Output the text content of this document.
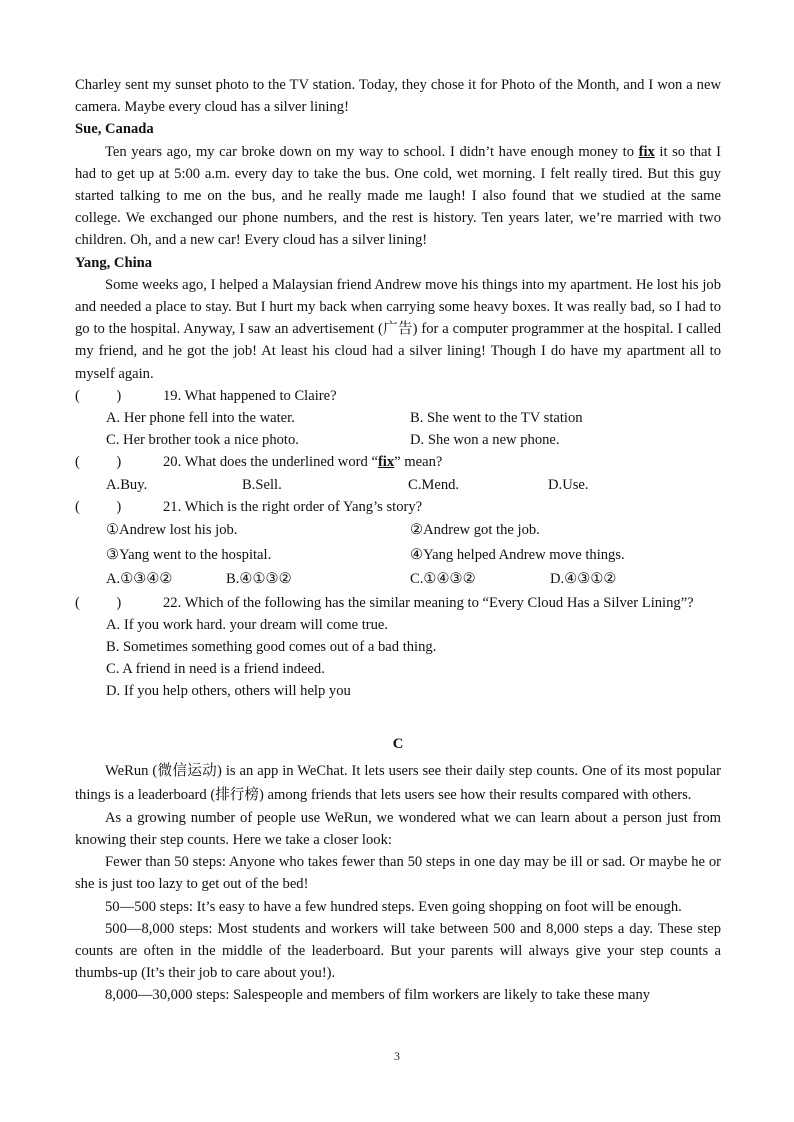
Charley sent my sunset photo to the TV station. Today, they chose it for Photo of the Month, and I won a new camera. Maybe every cloud has a silver lining!

Sue, Canada

Ten years ago, my car broke down on my way to school. I didn’t have enough money to fix it so that I had to get up at 5:00 a.m. every day to take the bus. One cold, wet morning. I felt really tired. But this guy started talking to me on the bus, and he really made me laugh! I also found that we studied at the same college. We exchanged our phone numbers, and the rest is history. Ten years later, we’re married with two children. Oh, and a new car! Every cloud has a silver lining!

Yang, China

Some weeks ago, I helped a Malaysian friend Andrew move his things into my apartment. He lost his job and needed a place to stay. But I hurt my back when carrying some heavy boxes. It was really bad, so I had to go to the hospital. Anyway, I saw an advertisement (广告) for a computer programmer at the hospital. I called my friend, and he got the job! At least his cloud had a silver lining! Though I do have my apartment all to myself again.

(          )	19. What happened to Claire?
A. Her phone fell into the water.	B. She went to the TV station
C. Her brother took a nice photo.	D. She won a new phone.
(          )	20. What does the underlined word “fix” mean?
A.Buy.	B.Sell.	C.Mend.	D.Use.
(          )	21. Which is the right order of Yang’s story?
①Andrew lost his job.	②Andrew got the job.
③Yang went to the hospital.	④Yang helped Andrew move things.
A.①③④②	B.④①③②	C.①④③②	D.④③①②
(          )	22. Which of the following has the similar meaning to “Every Cloud Has a Silver Lining”?

A. If you work hard. your dream will come true.

B. Sometimes something good comes out of a bad thing.

C. A friend in need is a friend indeed.

D. If you help others, others will help you

C

WeRun (微信运动) is an app in WeChat. It lets users see their daily step counts. One of its most popular things is a leaderboard (排行榜) among friends that lets users see how their results compared with others.

As a growing number of people use WeRun, we wondered what we can learn about a person just from knowing their step counts. Here we take a closer look:

Fewer than 50 steps: Anyone who takes fewer than 50 steps in one day may be ill or sad. Or maybe he or she is just too lazy to get out of the bed!

50—500 steps: It’s easy to have a few hundred steps. Even going shopping on foot will be enough.

500—8,000 steps: Most students and workers will take between 500 and 8,000 steps a day. These step counts are often in the middle of the leaderboard. But your parents will always give your step counts a thumbs-up (It’s their job to care about you!).

8,000—30,000 steps: Salespeople and members of film workers are likely to take these many

3
